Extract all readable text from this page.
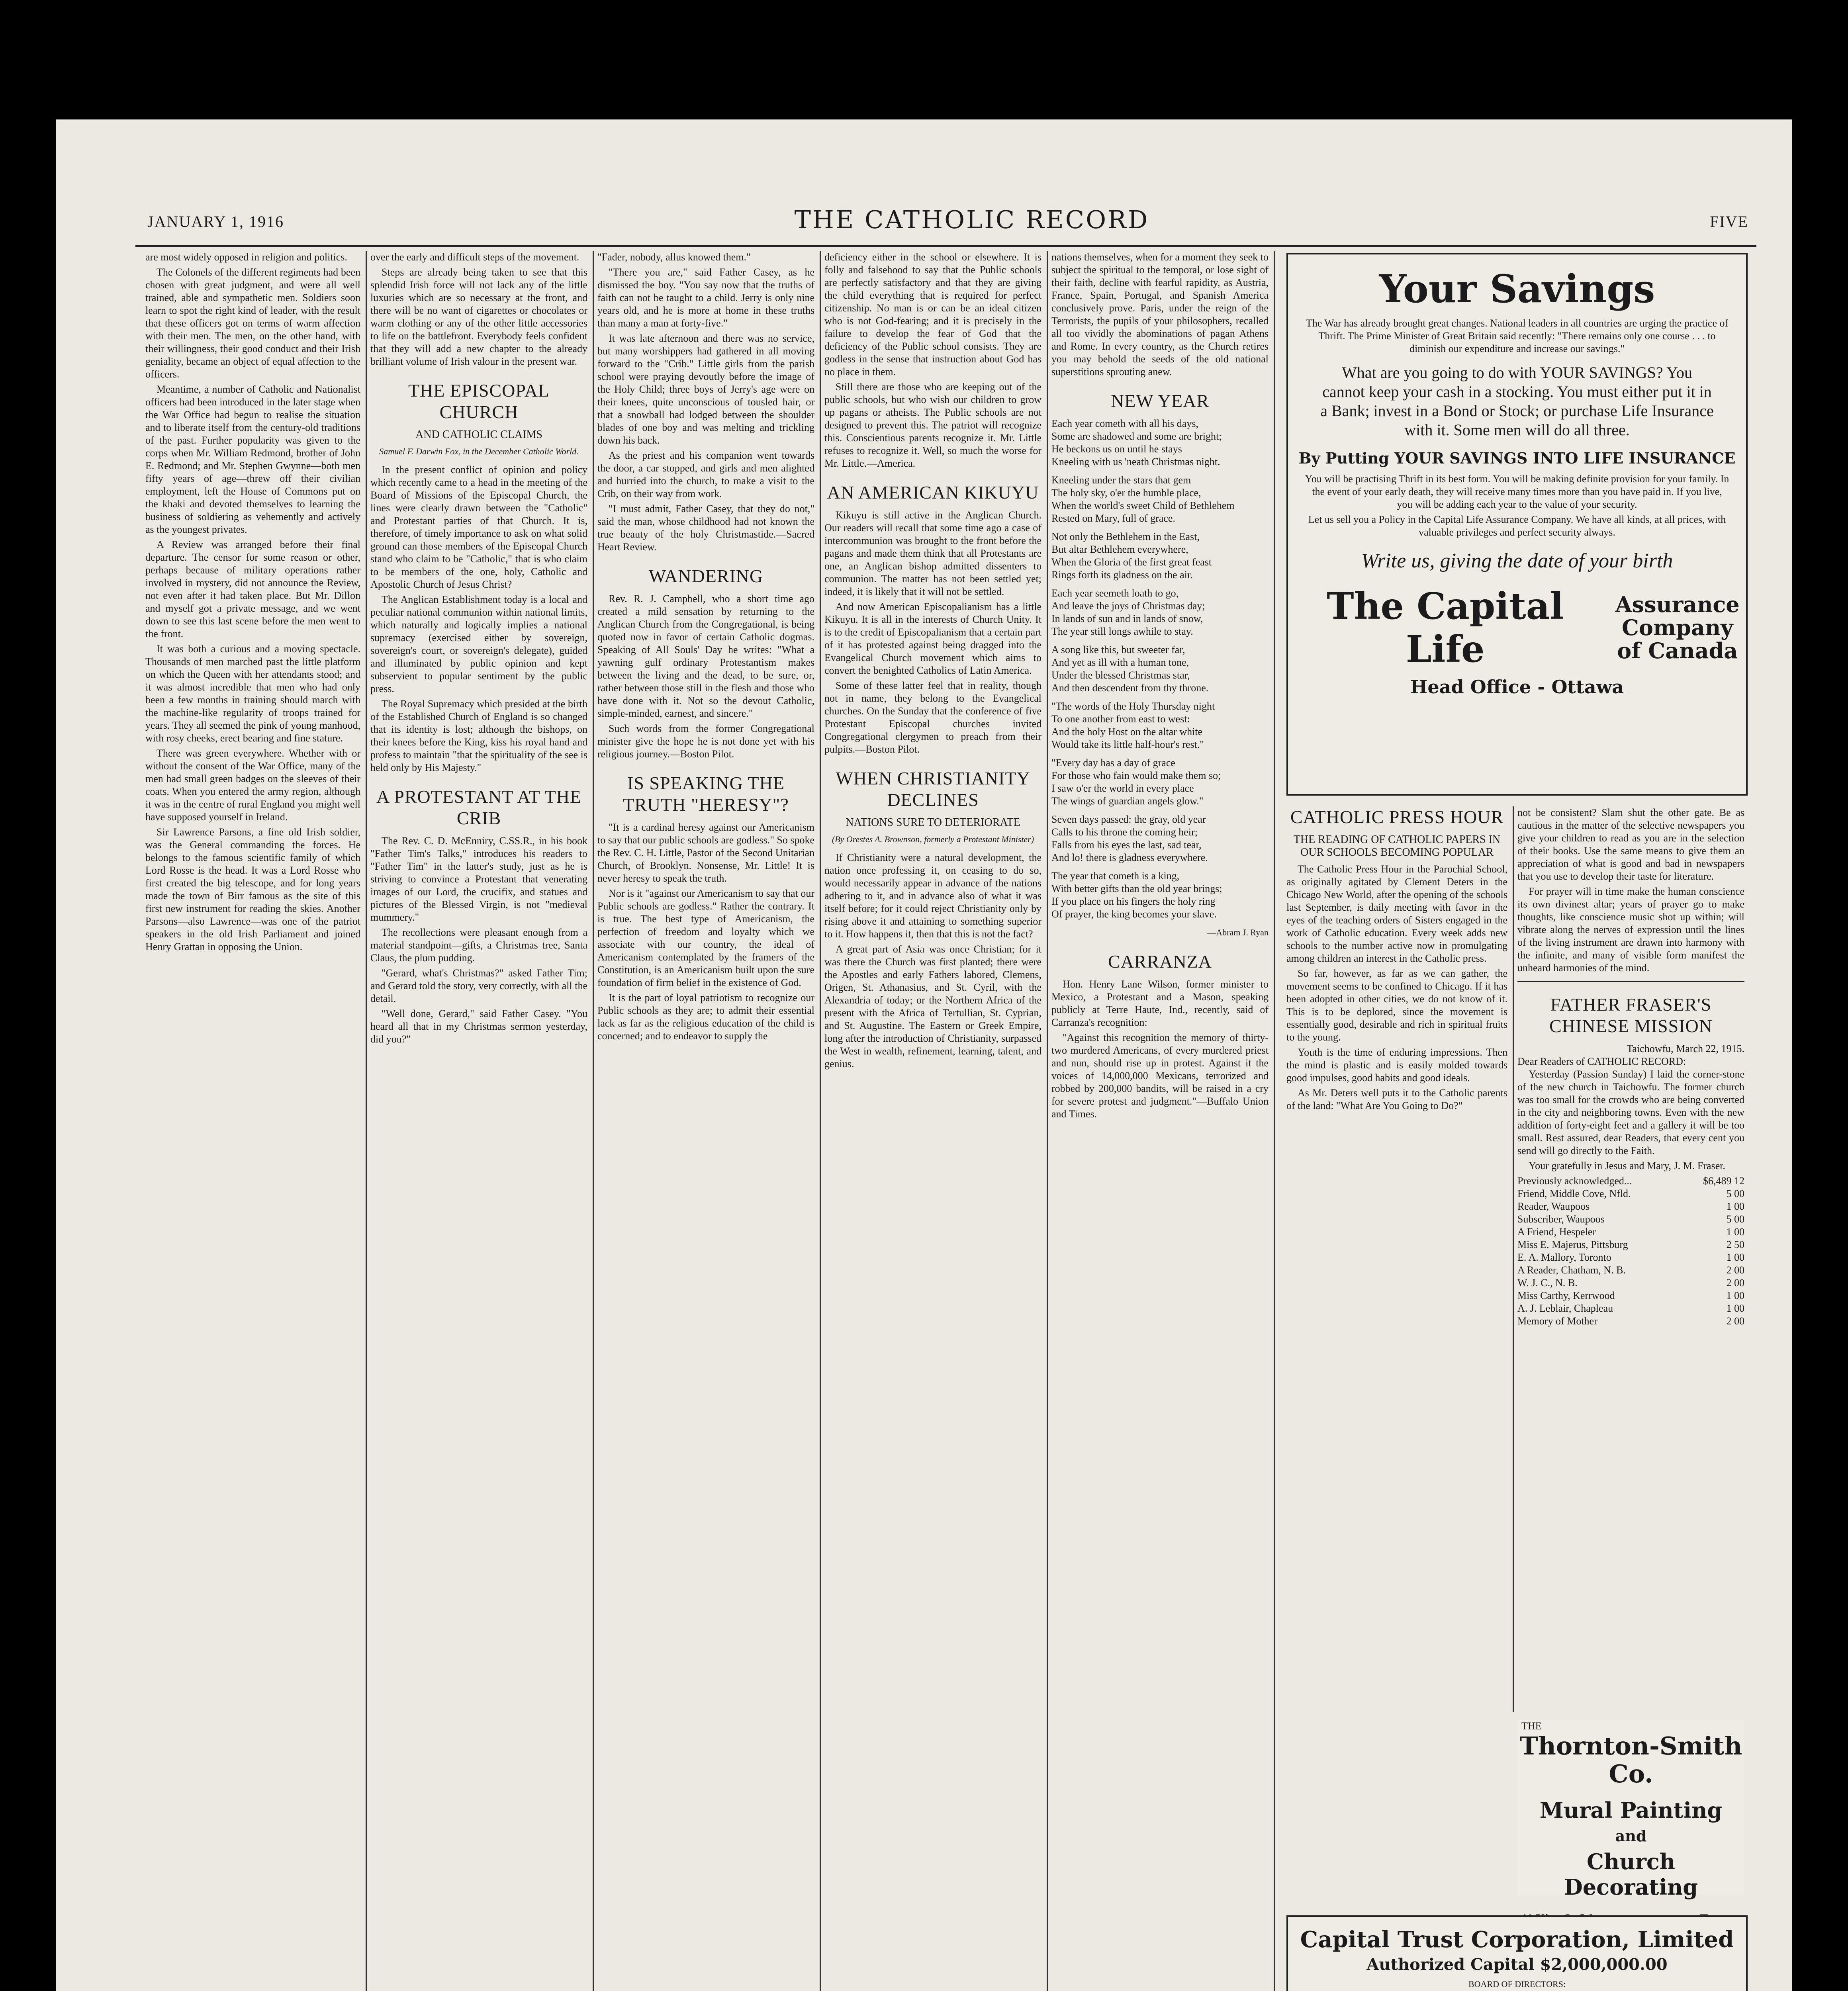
JANUARY 1, 1916	THE CATHOLIC RECORD	FIVE

are most widely opposed in religion and politics.

The Colonels of the different regiments had been chosen with great judgment, and were all well trained, able and sympathetic men. Soldiers soon learn to spot the right kind of leader, with the result that these officers got on terms of warm affection with their men. The men, on the other hand, with their willingness, their good conduct and their Irish geniality, became an object of equal affection to the officers.

Meantime, a number of Catholic and Nationalist officers had been introduced in the later stage when the War Office had begun to realise the situation and to liberate itself from the century-old traditions of the past. Further popularity was given to the corps when Mr. William Redmond, brother of John E. Redmond; and Mr. Stephen Gwynne—both men fifty years of age—threw off their civilian employment, left the House of Commons put on the khaki and devoted themselves to learning the business of soldiering as vehemently and actively as the youngest privates.

A Review was arranged before their final departure. The censor for some reason or other, perhaps because of military operations rather involved in mystery, did not announce the Review, not even after it had taken place. But Mr. Dillon and myself got a private message, and we went down to see this last scene before the men went to the front.

It was both a curious and a moving spectacle. Thousands of men marched past the little platform on which the Queen with her attendants stood; and it was almost incredible that men who had only been a few months in training should march with the machine-like regularity of troops trained for years. They all seemed the pink of young manhood, with rosy cheeks, erect bearing and fine stature.

There was green everywhere. Whether with or without the consent of the War Office, many of the men had small green badges on the sleeves of their coats. When you entered the army region, although it was in the centre of rural England you might well have supposed yourself in Ireland.

Sir Lawrence Parsons, a fine old Irish soldier, was the General commanding the forces. He belongs to the famous scientific family of which Lord Rosse is the head. It was a Lord Rosse who first created the big telescope, and for long years made the town of Birr famous as the site of this first new instrument for reading the skies. Another Parsons—also Lawrence—was one of the patriot speakers in the old Irish Parliament and joined Henry Grattan in opposing the Union.

over the early and difficult steps of the movement.

Steps are already being taken to see that this splendid Irish force will not lack any of the little luxuries which are so necessary at the front, and there will be no want of cigarettes or chocolates or warm clothing or any of the other little accessories to life on the battlefront. Everybody feels confident that they will add a new chapter to the already brilliant volume of Irish valour in the present war.

THE EPISCOPAL CHURCH
AND CATHOLIC CLAIMS
Samuel F. Darwin Fox, in the December Catholic World.

In the present conflict of opinion and policy which recently came to a head in the meeting of the Board of Missions of the Episcopal Church, the lines were clearly drawn between the "Catholic" and Protestant parties of that Church. It is, therefore, of timely importance to ask on what solid ground can those members of the Episcopal Church stand who claim to be "Catholic," that is who claim to be members of the one, holy, Catholic and Apostolic Church of Jesus Christ?

The Anglican Establishment today is a local and peculiar national communion within national limits, which naturally and logically implies a national supremacy (exercised either by sovereign, sovereign's court, or sovereign's delegate), guided and illuminated by public opinion and kept subservient to popular sentiment by the public press.

The Royal Supremacy which presided at the birth of the Established Church of England is so changed that its identity is lost; although the bishops, on their knees before the King, kiss his royal hand and profess to maintain "that the spirituality of the see is held only by His Majesty."

A PROTESTANT AT THE CRIB

The Rev. C. D. McEnniry, C.SS.R., in his book "Father Tim's Talks," introduces his readers to "Father Tim" in the latter's study, just as he is striving to convince a Protestant that venerating images of our Lord, the crucifix, and statues and pictures of the Blessed Virgin, is not "medieval mummery."

The recollections were pleasant enough from a material standpoint—gifts, a Christmas tree, Santa Claus, the plum pudding.

"Gerard, what's Christmas?" asked Father Tim; and Gerard told the story, very correctly, with all the detail.

"Well done, Gerard," said Father Casey. "You heard all that in my Christmas sermon yesterday, did you?"

"Fader, nobody, allus knowed them."

"There you are," said Father Casey, as he dismissed the boy. "You say now that the truths of faith can not be taught to a child. Jerry is only nine years old, and he is more at home in these truths than many a man at forty-five."

It was late afternoon and there was no service, but many worshippers had gathered in all moving forward to the "Crib." Little girls from the parish school were praying devoutly before the image of the Holy Child; three boys of Jerry's age were on their knees, quite unconscious of tousled hair, or that a snowball had lodged between the shoulder blades of one boy and was melting and trickling down his back.

As the priest and his companion went towards the door, a car stopped, and girls and men alighted and hurried into the church, to make a visit to the Crib, on their way from work.

"I must admit, Father Casey, that they do not," said the man, whose childhood had not known the true beauty of the holy Christmastide.—Sacred Heart Review.

WANDERING

Rev. R. J. Campbell, who a short time ago created a mild sensation by returning to the Anglican Church from the Congregational, is being quoted now in favor of certain Catholic dogmas. Speaking of All Souls' Day he writes: "What a yawning gulf ordinary Protestantism makes between the living and the dead, to be sure, or, rather between those still in the flesh and those who have done with it. Not so the devout Catholic, simple-minded, earnest, and sincere."

Such words from the former Congregational minister give the hope he is not done yet with his religious journey.—Boston Pilot.

IS SPEAKING THE TRUTH "HERESY"?

"It is a cardinal heresy against our Americanism to say that our public schools are godless." So spoke the Rev. C. H. Little, Pastor of the Second Unitarian Church, of Brooklyn. Nonsense, Mr. Little! It is never heresy to speak the truth.

Nor is it "against our Americanism to say that our Public schools are godless." Rather the contrary. It is true. The best type of Americanism, the perfection of freedom and loyalty which we associate with our country, the ideal of Americanism contemplated by the framers of the Constitution, is an Americanism built upon the sure foundation of firm belief in the existence of God.

It is the part of loyal patriotism to recognize our Public schools as they are; to admit their essential lack as far as the religious education of the child is concerned; and to endeavor to supply the

deficiency either in the school or elsewhere. It is folly and falsehood to say that the Public schools are perfectly satisfactory and that they are giving the child everything that is required for perfect citizenship. No man is or can be an ideal citizen who is not God-fearing; and it is precisely in the failure to develop the fear of God that the deficiency of the Public school consists. They are godless in the sense that instruction about God has no place in them.

Still there are those who are keeping out of the public schools, but who wish our children to grow up pagans or atheists. The Public schools are not designed to prevent this. The patriot will recognize this. Conscientious parents recognize it. Mr. Little refuses to recognize it. Well, so much the worse for Mr. Little.—America.

AN AMERICAN KIKUYU

Kikuyu is still active in the Anglican Church. Our readers will recall that some time ago a case of intercommunion was brought to the front before the pagans and made them think that all Protestants are one, an Anglican bishop admitted dissenters to communion. The matter has not been settled yet; indeed, it is likely that it will not be settled.

And now American Episcopalianism has a little Kikuyu. It is all in the interests of Church Unity. It is to the credit of Episcopalianism that a certain part of it has protested against being dragged into the Evangelical Church movement which aims to convert the benighted Catholics of Latin America.

Some of these latter feel that in reality, though not in name, they belong to the Evangelical churches. On the Sunday that the conference of five Protestant Episcopal churches invited Congregational clergymen to preach from their pulpits.—Boston Pilot.

WHEN CHRISTIANITY DECLINES
NATIONS SURE TO DETERIORATE
(By Orestes A. Brownson, formerly a Protestant Minister)

If Christianity were a natural development, the nation once professing it, on ceasing to do so, would necessarily appear in advance of the nations adhering to it, and in advance also of what it was itself before; for it could reject Christianity only by rising above it and attaining to something superior to it. How happens it, then that this is not the fact?

A great part of Asia was once Christian; for it was there the Church was first planted; there were the Apostles and early Fathers labored, Clemens, Origen, St. Athanasius, and St. Cyril, with the Alexandria of today; or the Northern Africa of the present with the Africa of Tertullian, St. Cyprian, and St. Augustine. The Eastern or Greek Empire, long after the introduction of Christianity, surpassed the West in wealth, refinement, learning, talent, and genius.

nations themselves, when for a moment they seek to subject the spiritual to the temporal, or lose sight of their faith, decline with fearful rapidity, as Austria, France, Spain, Portugal, and Spanish America conclusively prove. Paris, under the reign of the Terrorists, the pupils of your philosophers, recalled all too vividly the abominations of pagan Athens and Rome. In every country, as the Church retires you may behold the seeds of the old national superstitions sprouting anew.

NEW YEAR

Each year cometh with all his days,
Some are shadowed and some are bright;
He beckons us on until he stays
Kneeling with us 'neath Christmas night.

Kneeling under the stars that gem
The holy sky, o'er the humble place,
When the world's sweet Child of Bethlehem
Rested on Mary, full of grace.

Not only the Bethlehem in the East,
But altar Bethlehem everywhere,
When the Gloria of the first great feast
Rings forth its gladness on the air.

Each year seemeth loath to go,
And leave the joys of Christmas day;
In lands of sun and in lands of snow,
The year still longs awhile to stay.

A song like this, but sweeter far,
And yet as ill with a human tone,
Under the blessed Christmas star,
And then descendent from thy throne.

"The words of the Holy Thursday night
To one another from east to west:
And the holy Host on the altar white
Would take its little half-hour's rest."

"Every day has a day of grace
For those who fain would make them so;
I saw o'er the world in every place
The wings of guardian angels glow."

Seven days passed: the gray, old year
Calls to his throne the coming heir;
Falls from his eyes the last, sad tear,
And lo! there is gladness everywhere.

The year that cometh is a king,
With better gifts than the old year brings;
If you place on his fingers the holy ring
Of prayer, the king becomes your slave.

—Abram J. Ryan
CARRANZA

Hon. Henry Lane Wilson, former minister to Mexico, a Protestant and a Mason, speaking publicly at Terre Haute, Ind., recently, said of Carranza's recognition:

"Against this recognition the memory of thirty-two murdered Americans, of every murdered priest and nun, should rise up in protest. Against it the voices of 14,000,000 Mexicans, terrorized and robbed by 200,000 bandits, will be raised in a cry for severe protest and judgment."—Buffalo Union and Times.

Your Savings
The War has already brought great changes. National leaders in all countries are urging the practice of Thrift. The Prime Minister of Great Britain said recently: "There remains only one course . . . to diminish our expenditure and increase our savings."
What are you going to do with YOUR SAVINGS? You cannot keep your cash in a stocking. You must either put it in a Bank; invest in a Bond or Stock; or purchase Life Insurance with it. Some men will do all three.
By Putting YOUR SAVINGS INTO LIFE INSURANCE
You will be practising Thrift in its best form. You will be making definite provision for your family. In the event of your early death, they will receive many times more than you have paid in. If you live, you will be adding each year to the value of your security.
Let us sell you a Policy in the Capital Life Assurance Company. We have all kinds, at all prices, with valuable privileges and perfect security always.
Write us, giving the date of your birth
The Capital Life
Assurance Company of Canada
Head Office - Ottawa
CATHOLIC PRESS HOUR
THE READING OF CATHOLIC PAPERS IN OUR SCHOOLS BECOMING POPULAR

The Catholic Press Hour in the Parochial School, as originally agitated by Clement Deters in the Chicago New World, after the opening of the schools last September, is daily meeting with favor in the eyes of the teaching orders of Sisters engaged in the work of Catholic education. Every week adds new schools to the number active now in promulgating among children an interest in the Catholic press.

So far, however, as far as we can gather, the movement seems to be confined to Chicago. If it has been adopted in other cities, we do not know of it. This is to be deplored, since the movement is essentially good, desirable and rich in spiritual fruits to the young.

Youth is the time of enduring impressions. Then the mind is plastic and is easily molded towards good impulses, good habits and good ideals.

As Mr. Deters well puts it to the Catholic parents of the land: "What Are You Going to Do?"

not be consistent? Slam shut the other gate. Be as cautious in the matter of the selective newspapers you give your children to read as you are in the selection of their books. Use the same means to give them an appreciation of what is good and bad in newspapers that you use to develop their taste for literature.

For prayer will in time make the human conscience its own divinest altar; years of prayer go to make thoughts, like conscience music shot up within; will vibrate along the nerves of expression until the lines of the living instrument are drawn into harmony with the infinite, and many of visible form manifest the unheard harmonies of the mind.

FATHER FRASER'S CHINESE MISSION
Taichowfu, March 22, 1915.
Dear Readers of CATHOLIC RECORD:

Yesterday (Passion Sunday) I laid the corner-stone of the new church in Taichowfu. The former church was too small for the crowds who are being converted in the city and neighboring towns. Even with the new addition of forty-eight feet and a gallery it will be too small. Rest assured, dear Readers, that every cent you send will go directly to the Faith.

Your gratefully in Jesus and Mary, J. M. Fraser.

Previously acknowledged...	$6,489 12
Friend, Middle Cove, Nfld.	5 00
Reader, Waupoos	1 00
Subscriber, Waupoos	5 00
A Friend, Hespeler	1 00
Miss E. Majerus, Pittsburg	2 50
E. A. Mallory, Toronto	1 00
A Reader, Chatham, N. B.	2 00
W. J. C., N. B.	2 00
Miss Carthy, Kerrwood	1 00
A. J. Leblair, Chapleau	1 00
Memory of Mother	2 00
THE
Thornton-Smith Co.
Mural Painting
and
Church Decorating
Capital Trust Corporation, Limited
Authorized Capital $2,000,000.00
BOARD OF DIRECTORS:
